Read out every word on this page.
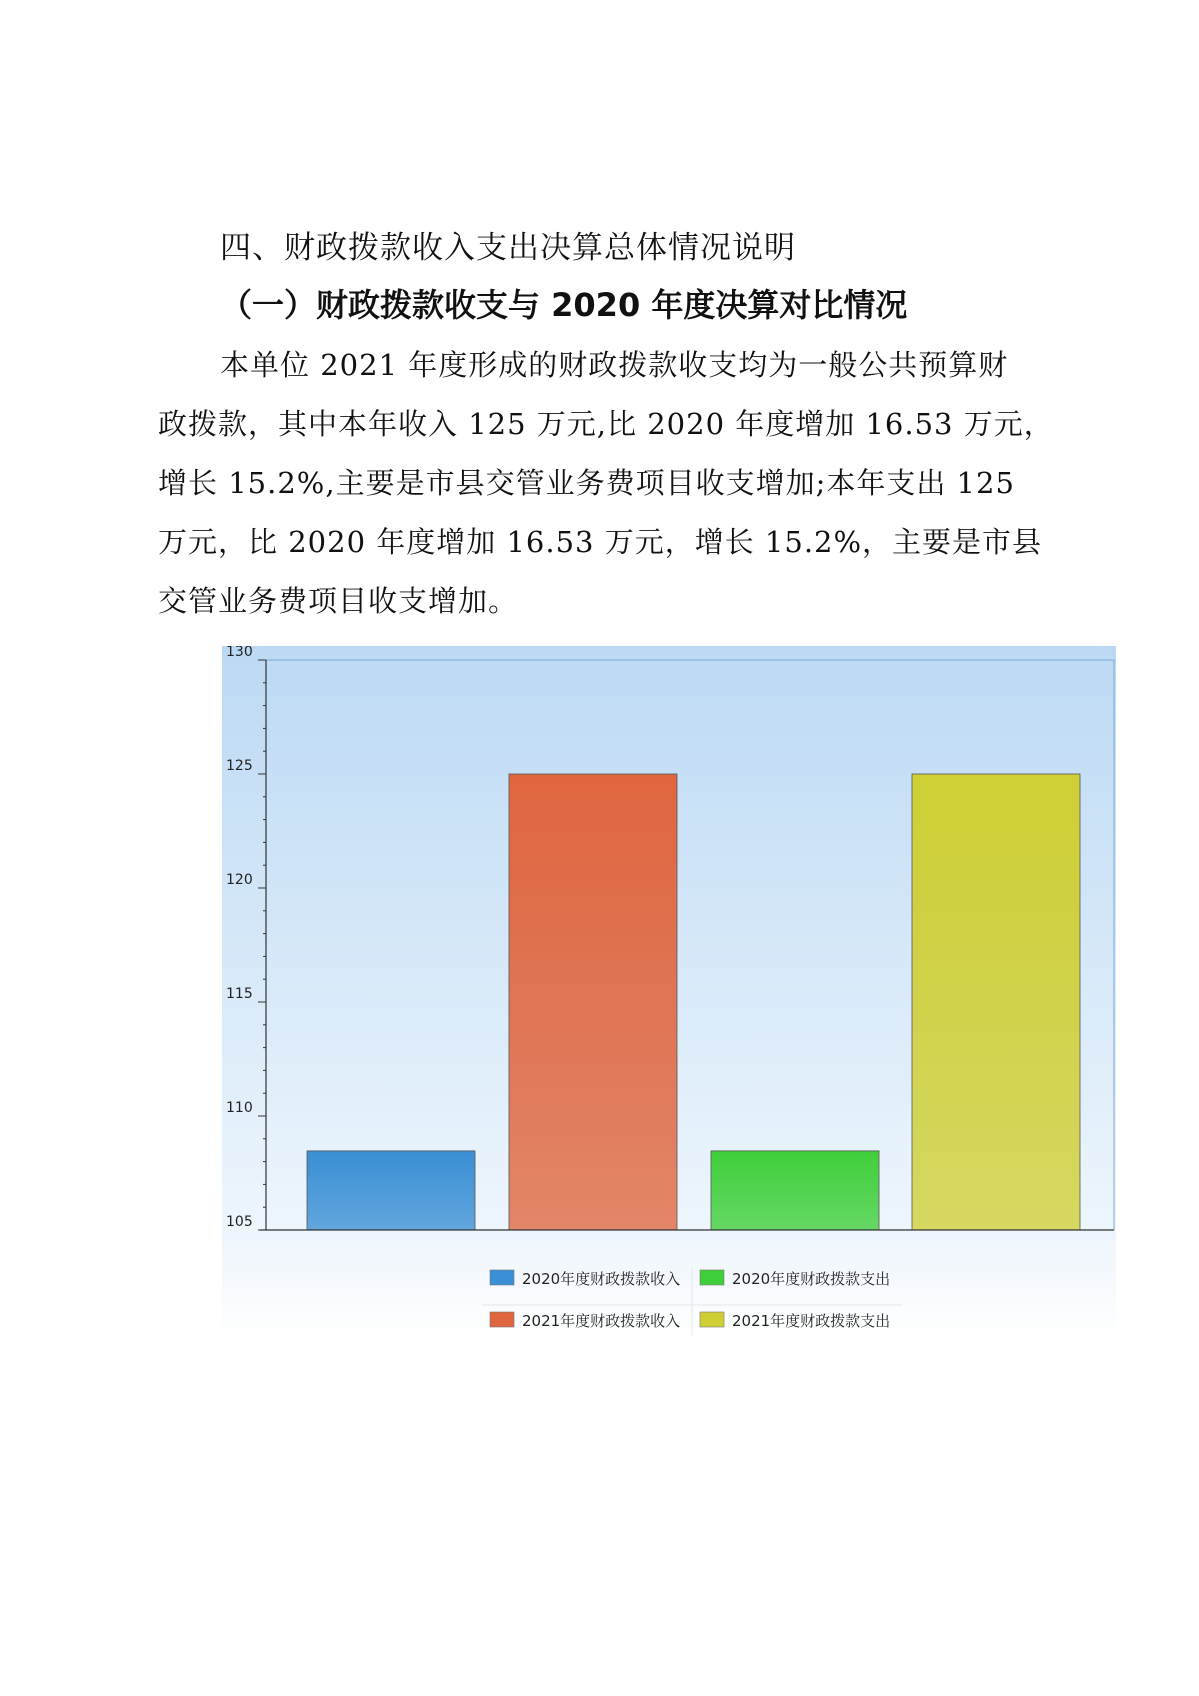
四、财政拨款收入支出决算总体情况说明
（一）财政拨款收支与 2020 年度决算对比情况
本单位 2021 年度形成的财政拨款收支均为一般公共预算财
政拨款，其中本年收入 125 万元,比 2020 年度增加 16.53 万元，
增长 15.2%,主要是市县交管业务费项目收支增加;本年支出 125
万元，比 2020 年度增加 16.53 万元，增长 15.2%，主要是市县
交管业务费项目收支增加。
105
110
115
120
125
130
2020年度财政拨款收入	2020年度财政拨款支出
2021年度财政拨款收入	2021年度财政拨款支出
